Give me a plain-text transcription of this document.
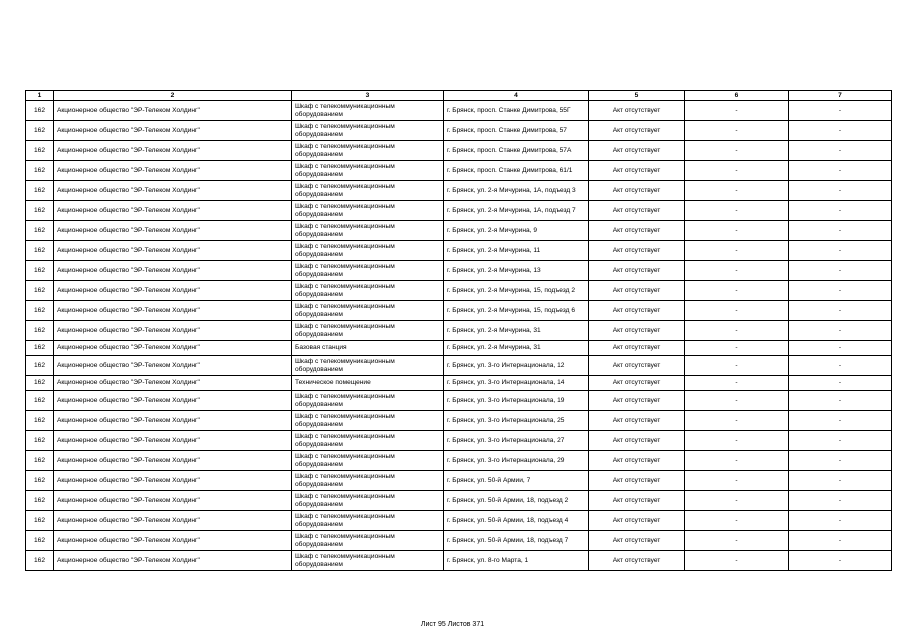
1	2	3	4	5	6	7
162	Акционерное общество "ЭР-Телеком Холдинг"	Шкаф с телекоммуникационным оборудованием	г. Брянск, просп. Станке Димитрова, 55Г	Акт отсутствует	-	-
162	Акционерное общество "ЭР-Телеком Холдинг"	Шкаф с телекоммуникационным оборудованием	г. Брянск, просп. Станке Димитрова, 57	Акт отсутствует	-	-
162	Акционерное общество "ЭР-Телеком Холдинг"	Шкаф с телекоммуникационным оборудованием	г. Брянск, просп. Станке Димитрова, 57А	Акт отсутствует	-	-
162	Акционерное общество "ЭР-Телеком Холдинг"	Шкаф с телекоммуникационным оборудованием	г. Брянск, просп. Станке Димитрова, 61/1	Акт отсутствует	-	-
162	Акционерное общество "ЭР-Телеком Холдинг"	Шкаф с телекоммуникационным оборудованием	г. Брянск, ул. 2-я Мичурина, 1А, подъезд 3	Акт отсутствует	-	-
162	Акционерное общество "ЭР-Телеком Холдинг"	Шкаф с телекоммуникационным оборудованием	г. Брянск, ул. 2-я Мичурина, 1А, подъезд 7	Акт отсутствует	-	-
162	Акционерное общество "ЭР-Телеком Холдинг"	Шкаф с телекоммуникационным оборудованием	г. Брянск, ул. 2-я Мичурина, 9	Акт отсутствует	-	-
162	Акционерное общество "ЭР-Телеком Холдинг"	Шкаф с телекоммуникационным оборудованием	г. Брянск, ул. 2-я Мичурина, 11	Акт отсутствует	-	-
162	Акционерное общество "ЭР-Телеком Холдинг"	Шкаф с телекоммуникационным оборудованием	г. Брянск, ул. 2-я Мичурина, 13	Акт отсутствует	-	-
162	Акционерное общество "ЭР-Телеком Холдинг"	Шкаф с телекоммуникационным оборудованием	г. Брянск, ул. 2-я Мичурина, 15, подъезд 2	Акт отсутствует	-	-
162	Акционерное общество "ЭР-Телеком Холдинг"	Шкаф с телекоммуникационным оборудованием	г. Брянск, ул. 2-я Мичурина, 15, подъезд 6	Акт отсутствует	-	-
162	Акционерное общество "ЭР-Телеком Холдинг"	Шкаф с телекоммуникационным оборудованием	г. Брянск, ул. 2-я Мичурина, 31	Акт отсутствует	-	-
162	Акционерное общество "ЭР-Телеком Холдинг"	Базовая станция	г. Брянск, ул. 2-я Мичурина, 31	Акт отсутствует	-	-
162	Акционерное общество "ЭР-Телеком Холдинг"	Шкаф с телекоммуникационным оборудованием	г. Брянск, ул. 3-го Интернационала, 12	Акт отсутствует	-	-
162	Акционерное общество "ЭР-Телеком Холдинг"	Техническое помещение	г. Брянск, ул. 3-го Интернационала, 14	Акт отсутствует	-	-
162	Акционерное общество "ЭР-Телеком Холдинг"	Шкаф с телекоммуникационным оборудованием	г. Брянск, ул. 3-го Интернационала, 19	Акт отсутствует	-	-
162	Акционерное общество "ЭР-Телеком Холдинг"	Шкаф с телекоммуникационным оборудованием	г. Брянск, ул. 3-го Интернационала, 25	Акт отсутствует	-	-
162	Акционерное общество "ЭР-Телеком Холдинг"	Шкаф с телекоммуникационным оборудованием	г. Брянск, ул. 3-го Интернационала, 27	Акт отсутствует	-	-
162	Акционерное общество "ЭР-Телеком Холдинг"	Шкаф с телекоммуникационным оборудованием	г. Брянск, ул. 3-го Интернационала, 29	Акт отсутствует	-	-
162	Акционерное общество "ЭР-Телеком Холдинг"	Шкаф с телекоммуникационным оборудованием	г. Брянск, ул. 50-й Армии, 7	Акт отсутствует	-	-
162	Акционерное общество "ЭР-Телеком Холдинг"	Шкаф с телекоммуникационным оборудованием	г. Брянск, ул. 50-й Армии, 18, подъезд 2	Акт отсутствует	-	-
162	Акционерное общество "ЭР-Телеком Холдинг"	Шкаф с телекоммуникационным оборудованием	г. Брянск, ул. 50-й Армии, 18, подъезд 4	Акт отсутствует	-	-
162	Акционерное общество "ЭР-Телеком Холдинг"	Шкаф с телекоммуникационным оборудованием	г. Брянск, ул. 50-й Армии, 18, подъезд 7	Акт отсутствует	-	-
162	Акционерное общество "ЭР-Телеком Холдинг"	Шкаф с телекоммуникационным оборудованием	г. Брянск, ул. 8-го Марта, 1	Акт отсутствует	-	-
Лист 95 Листов 371
